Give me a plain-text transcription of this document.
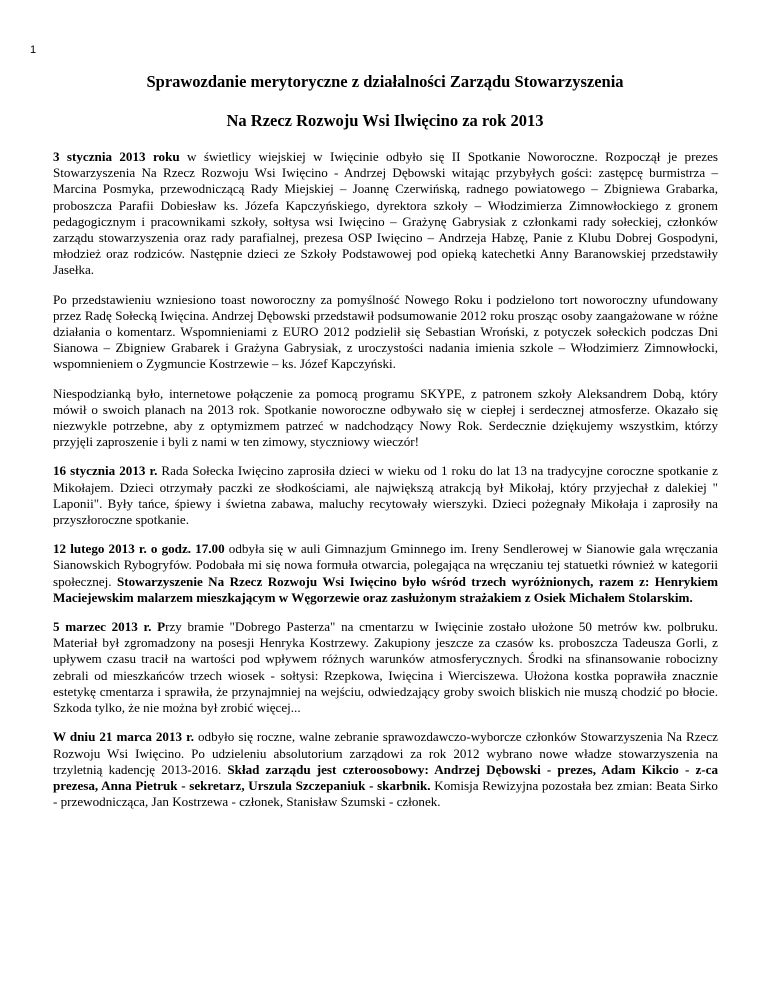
1
Sprawozdanie merytoryczne z działalności Zarządu Stowarzyszenia
Na Rzecz Rozwoju Wsi Ilwięcino za rok 2013

3 stycznia 2013 roku w świetlicy wiejskiej w Iwięcinie odbyło się II Spotkanie Noworoczne. Rozpoczął je prezes Stowarzyszenia Na Rzecz Rozwoju Wsi Iwięcino - Andrzej Dębowski witając przybyłych gości: zastępcę burmistrza – Marcina Posmyka, przewodniczącą Rady Miejskiej – Joannę Czerwińską, radnego powiatowego – Zbigniewa Grabarka, proboszcza Parafii Dobiesław ks. Józefa Kapczyńskiego, dyrektora szkoły – Włodzimierza Zimnowłockiego z gronem pedagogicznym i pracownikami szkoły, sołtysa wsi Iwięcino – Grażynę Gabrysiak z członkami rady sołeckiej, członków zarządu stowarzyszenia oraz rady parafialnej, prezesa OSP Iwięcino – Andrzeja Habzę, Panie z Klubu Dobrej Gospodyni, młodzież oraz rodziców. Następnie dzieci ze Szkoły Podstawowej pod opieką katechetki Anny Baranowskiej przedstawiły Jasełka.

Po przedstawieniu wzniesiono toast noworoczny za pomyślność Nowego Roku i podzielono tort noworoczny ufundowany przez Radę Sołecką Iwięcina. Andrzej Dębowski przedstawił podsumowanie 2012 roku prosząc osoby zaangażowane w różne działania o komentarz. Wspomnieniami z EURO 2012 podzielił się Sebastian Wroński, z potyczek sołeckich podczas Dni Sianowa – Zbigniew Grabarek i Grażyna Gabrysiak, z uroczystości nadania imienia szkole – Włodzimierz Zimnowłocki, wspomnieniem o Zygmuncie Kostrzewie – ks. Józef Kapczyński.

Niespodzianką było, internetowe połączenie za pomocą programu SKYPE, z patronem szkoły Aleksandrem Dobą, który mówił o swoich planach na 2013 rok. Spotkanie noworoczne odbywało się w ciepłej i serdecznej atmosferze. Okazało się niezwykle potrzebne, aby z optymizmem patrzeć w nadchodzący Nowy Rok. Serdecznie dziękujemy wszystkim, którzy przyjęli zaproszenie i byli z nami w ten zimowy, styczniowy wieczór!

16 stycznia 2013 r. Rada Sołecka Iwięcino zaprosiła dzieci w wieku od 1 roku do lat 13 na tradycyjne coroczne spotkanie z Mikołajem. Dzieci otrzymały paczki ze słodkościami, ale największą atrakcją był Mikołaj, który przyjechał z dalekiej " Laponii". Były tańce, śpiewy i świetna zabawa, maluchy recytowały wierszyki. Dzieci pożegnały Mikołaja i zaprosiły na przyszłoroczne spotkanie.

12 lutego 2013 r. o godz. 17.00 odbyła się w auli Gimnazjum Gminnego im. Ireny Sendlerowej w Sianowie gala wręczania Sianowskich Rybogryfów. Podobała mi się nowa formuła otwarcia, polegająca na wręczaniu tej statuetki również w kategorii społecznej. Stowarzyszenie Na Rzecz Rozwoju Wsi Iwięcino było wśród trzech wyróżnionych, razem z: Henrykiem Maciejewskim malarzem mieszkającym w Węgorzewie oraz zasłużonym strażakiem z Osiek Michałem Stolarskim.

5 marzec 2013 r. Przy bramie "Dobrego Pasterza" na cmentarzu w Iwięcinie zostało ułożone 50 metrów kw. polbruku. Materiał był zgromadzony na posesji Henryka Kostrzewy. Zakupiony jeszcze za czasów ks. proboszcza Tadeusza Gorli, z upływem czasu tracił na wartości pod wpływem różnych warunków atmosferycznych. Środki na sfinansowanie robocizny zebrali od mieszkańców trzech wiosek - sołtysi: Rzepkowa, Iwięcina i Wierciszewa. Ułożona kostka poprawiła znacznie estetykę cmentarza i sprawiła, że przynajmniej na wejściu, odwiedzający groby swoich bliskich nie muszą chodzić po błocie. Szkoda tylko, że nie można był zrobić więcej...

W dniu 21 marca 2013 r. odbyło się roczne, walne zebranie sprawozdawczo-wyborcze członków Stowarzyszenia Na Rzecz Rozwoju Wsi Iwięcino. Po udzieleniu absolutorium zarządowi za rok 2012 wybrano nowe władze stowarzyszenia na trzyletnią kadencję 2013-2016. Skład zarządu jest czteroosobowy: Andrzej Dębowski - prezes, Adam Kikcio - z-ca prezesa, Anna Pietruk - sekretarz, Urszula Szczepaniuk - skarbnik. Komisja Rewizyjna pozostała bez zmian: Beata Sirko - przewodnicząca, Jan Kostrzewa - członek, Stanisław Szumski - członek.
